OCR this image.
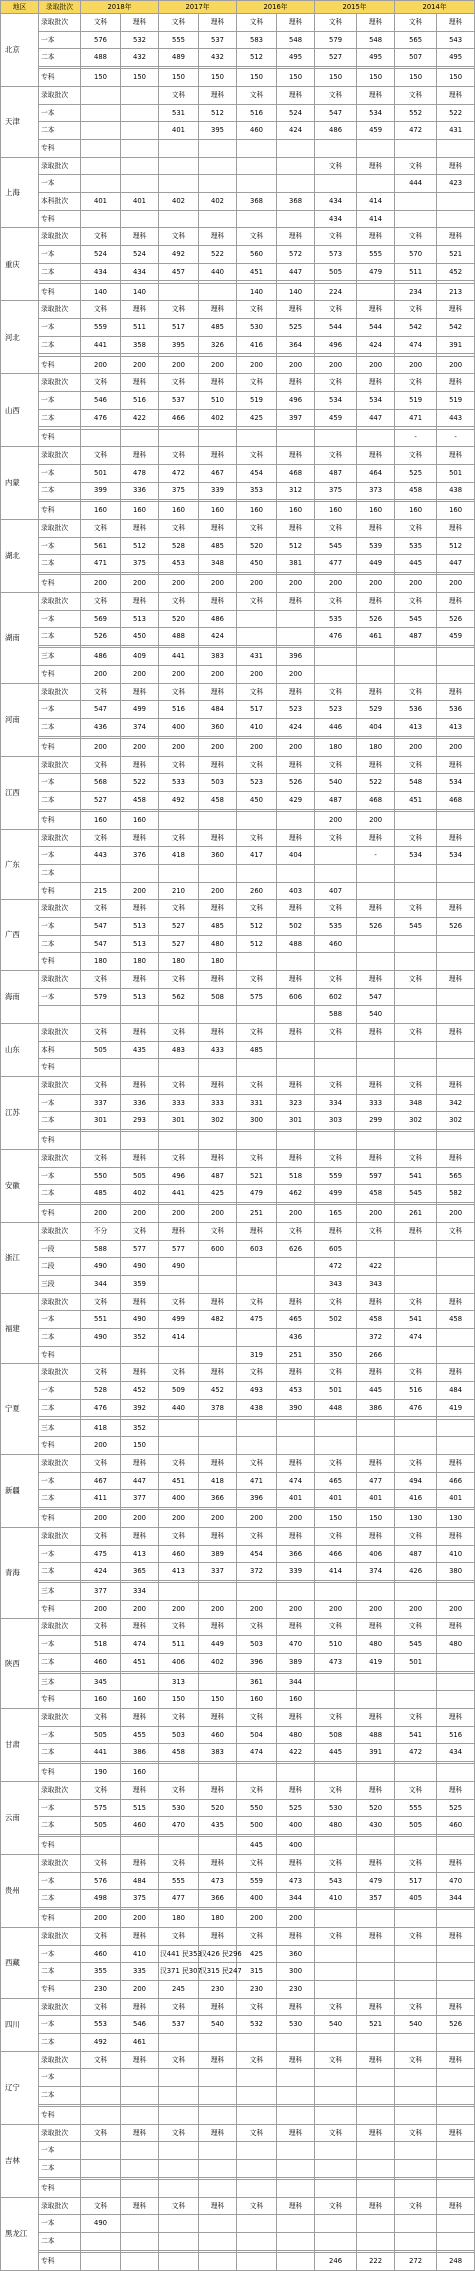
地区	录取批次	2018年		2017年		2016年		2015年		2014年		
北京	录取批次	文科	理科	文科	理科	文科	理科	文科	理科	文科	理科	
	一本	576	532	555	537	583	548	579	548	565	543	
	二本	488	432	489	432	512	495	527	495	507	495	

	专科	150	150	150	150	150	150	150	150	150	150	
天津	录取批次			文科	理科	文科	理科	文科	理科	文科	理科	
	一本			531	512	516	524	547	534	552	522	
	二本			401	395	460	424	486	459	472	431	
	专科											
上海	录取批次							文科	理科	文科	理科	
	一本									444	423	
	本科批次	401	401	402	402	368	368	434	414			
	专科							434	414			
重庆	录取批次	文科	理科	文科	理科	文科	理科	文科	理科	文科	理科	
	一本	524	524	492	522	560	572	573	555	570	521	
	二本	434	434	457	440	451	447	505	479	511	452	

	专科	140	140			140	140	224		234	213	
河北	录取批次	文科	理科	文科	理科	文科	理科	文科	理科	文科	理科	
	一本	559	511	517	485	530	525	544	544	542	542	
	二本	441	358	395	326	416	364	496	424	474	391	

	专科	200	200	200	200	200	200	200	200	200	200	
山西	录取批次	文科	理科	文科	理科	文科	理科	文科	理科	文科	理科	
	一本	546	516	537	510	519	496	534	534	519	519	
	二本	476	422	466	402	425	397	459	447	471	443	

	专科									-	-	
内蒙	录取批次	文科	理科	文科	理科	文科	理科	文科	理科	文科	理科	
	一本	501	478	472	467	454	468	487	464	525	501	
	二本	399	336	375	339	353	312	375	373	458	438	

	专科	160	160	160	160	160	160	160	160	160	160	
湖北	录取批次	文科	理科	文科	理科	文科	理科	文科	理科	文科	理科	
	一本	561	512	528	485	520	512	545	539	535	512	
	二本	471	375	453	348	450	381	477	449	445	447	

	专科	200	200	200	200	200	200	200	200	200	200	
湖南	录取批次	文科	理科	文科	理科	文科	理科	文科	理科	文科	理科	
	一本	569	513	520	486			535	526	545	526	
	二本	526	450	488	424			476	461	487	459	

	三本	486	409	441	383	431	396					
	专科	200	200	200	200	200	200					
河南	录取批次	文科	理科	文科	理科	文科	理科	文科	理科	文科	理科	
	一本	547	499	516	484	517	523	523	529	536	536	
	二本	436	374	400	360	410	424	446	404	413	413	

	专科	200	200	200	200	200	200	180	180	200	200	
江西	录取批次	文科	理科	文科	理科	文科	理科	文科	理科	文科	理科	
	一本	568	522	533	503	523	526	540	522	548	534	
	二本	527	458	492	458	450	429	487	468	451	468	

	专科	160	160					200	200			
广东	录取批次	文科	理科	文科	理科	文科	理科	文科	理科	文科	理科	
	一本	443	376	418	360	417	404		-	534	534	
	二本											
	专科	215	200	210	200	260	403	407				
广西	录取批次	文科	理科	文科	理科	文科	理科	文科	理科	文科	理科	
	一本	547	513	527	485	512	502	535	526	545	526	
	二本	547	513	527	480	512	488	460				
	专科	180	180	180	180							
海南	录取批次	文科	理科	文科	理科	文科	理科	文科	理科	文科	理科	
	一本	579	513	562	508	575	606	602	547			
								588	540			
山东	录取批次	文科	理科	文科	理科	文科	理科	文科	理科	文科	理科	
	本科	505	435	483	433	485						
	专科											
江苏	录取批次	文科	理科	文科	理科	文科	理科	文科	理科	文科	理科	
	一本	337	336	333	333	331	323	334	333	348	342	
	二本	301	293	301	302	300	301	303	299	302	302	

	专科											
安徽	录取批次	文科	理科	文科	理科	文科	理科	文科	理科	文科	理科	
	一本	550	505	496	487	521	518	559	597	541	565	
	二本	485	402	441	425	479	462	499	458	545	582	

	专科	200	200	200	200	251	200	165	200	261	200	
浙江	录取批次	不分	文科	理科	文科	理科	文科	理科	文科	理科	文科	
	一段	588	577	577	600	603	626	605				
	二段	490	490	490				472	422			
	三段	344	359					343	343			
福建	录取批次	文科	理科	文科	理科	文科	理科	文科	理科	文科	理科	
	一本	551	490	499	482	475	465	502	458	541	458	
	二本	490	352	414			436		372	474		
	专科					319	251	350	266			
宁夏	录取批次	文科	理科	文科	理科	文科	理科	文科	理科	文科	理科	
	一本	528	452	509	452	493	453	501	445	516	484	
	二本	476	392	440	378	438	390	448	386	476	419	

	三本	418	352									
	专科	200	150									
新疆	录取批次	文科	理科	文科	理科	文科	理科	文科	理科	文科	理科	
	一本	467	447	451	418	471	474	465	477	494	466	
	二本	411	377	400	366	396	401	401	401	416	401	

	专科	200	200	200	200	200	200	150	150	130	130	
青海	录取批次	文科	理科	文科	理科	文科	理科	文科	理科	文科	理科	
	一本	475	413	460	389	454	366	466	406	487	410	
	二本	424	365	413	337	372	339	414	374	426	380	

	三本	377	334									
	专科	200	200	200	200	200	200	200	200	200	200	
陕西	录取批次	文科	理科	文科	理科	文科	理科	文科	理科	文科	理科	
	一本	518	474	511	449	503	470	510	480	545	480	
	二本	460	451	406	402	396	389	473	419	501		

	三本	345		313		361	344					
	专科	160	160	150	150	160	160					
甘肃	录取批次	文科	理科	文科	理科	文科	理科	文科	理科	文科	理科	
	一本	505	455	503	460	504	480	508	488	541	516	
	二本	441	386	458	383	474	422	445	391	472	434	

	专科	190	160									
云南	录取批次	文科	理科	文科	理科	文科	理科	文科	理科	文科	理科	
	一本	575	515	530	520	550	525	530	520	555	525	
	二本	505	460	470	435	500	400	480	430	505	460	

	专科					445	400					
贵州	录取批次	文科	理科	文科	理科	文科	理科	文科	理科	文科	理科	
	一本	576	484	555	473	559	473	543	479	517	470	
	二本	498	375	477	366	400	344	410	357	405	344	

	专科	200	200	180	180	200	200					
西藏	录取批次	文科	理科	文科	理科	文科	理科	文科	理科	文科	理科	
	一本	460	410	汉441 民353	汉426 民296	425	360					
	二本	355	335	汉371 民307	汉315 民247	315	300					
	专科	230	200	245	230	230	230					
四川	录取批次	文科	理科	文科	理科	文科	理科	文科	理科	文科	理科	
	一本	553	546	537	540	532	530	540	521	540	526	
	二本	492	461									
辽宁	录取批次	文科	理科	文科	理科	文科	理科	文科	理科	文科	理科	
	一本											
	二本											

	专科											
吉林	录取批次	文科	理科	文科	理科	文科	理科	文科	理科	文科	理科	
	一本											
	二本											

	专科											
黑龙江	录取批次	文科	理科	文科	理科	文科	理科	文科	理科	文科	理科	
	一本	490										
	二本											

	专科							246	222	272	248	
